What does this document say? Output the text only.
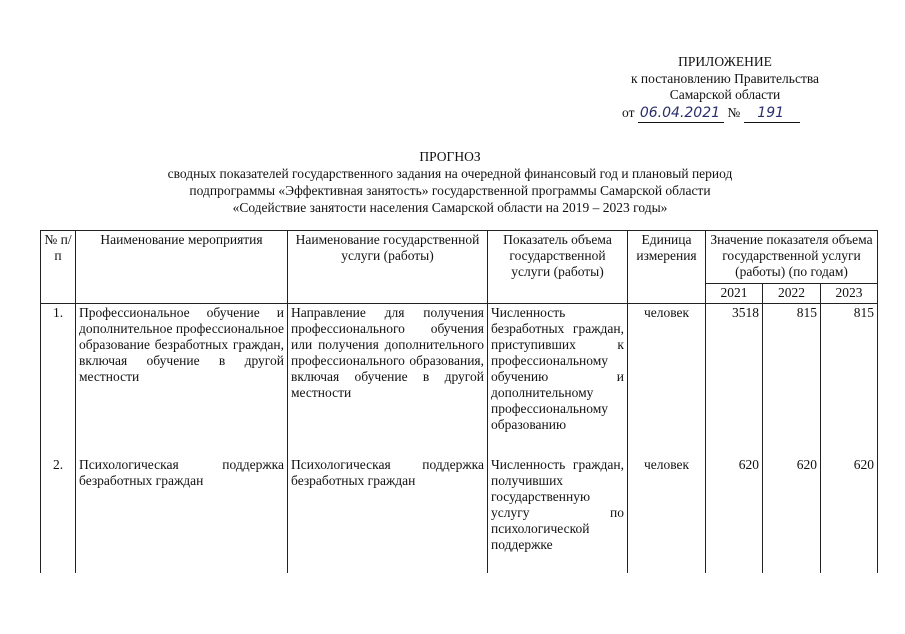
ПРИЛОЖЕНИЕ
к постановлению Правительства
Самарской области
от 06.04.2021 № 191
ПРОГНОЗ
сводных показателей государственного задания на очередной финансовый год и плановый период
подпрограммы «Эффективная занятость» государственной программы Самарской области
«Содействие занятости населения Самарской области на 2019 – 2023 годы»
№ п/п	Наименование мероприятия	Наименование государственной услуги (работы)	Показатель объема государственной услуги (работы)	Единица измерения	Значение показателя объема государственной услуги (работы) (по годам)		
					2021	2022	2023
1.	Профессиональное обучение и дополнительное профессиональное образование безработных граждан, включая обучение в другой местности	Направление для получения профессионального обучения или получения дополнительного профессионального образования, включая обучение в другой местности	Численность безработных граждан, приступивших к профессиональному обучению и дополнительному профессиональному образованию	человек	3518	815	815
2.	Психологическая поддержка безработных граждан	Психологическая поддержка безработных граждан	Численность граждан, получивших государственную услугу по психологической поддержке	человек	620	620	620
